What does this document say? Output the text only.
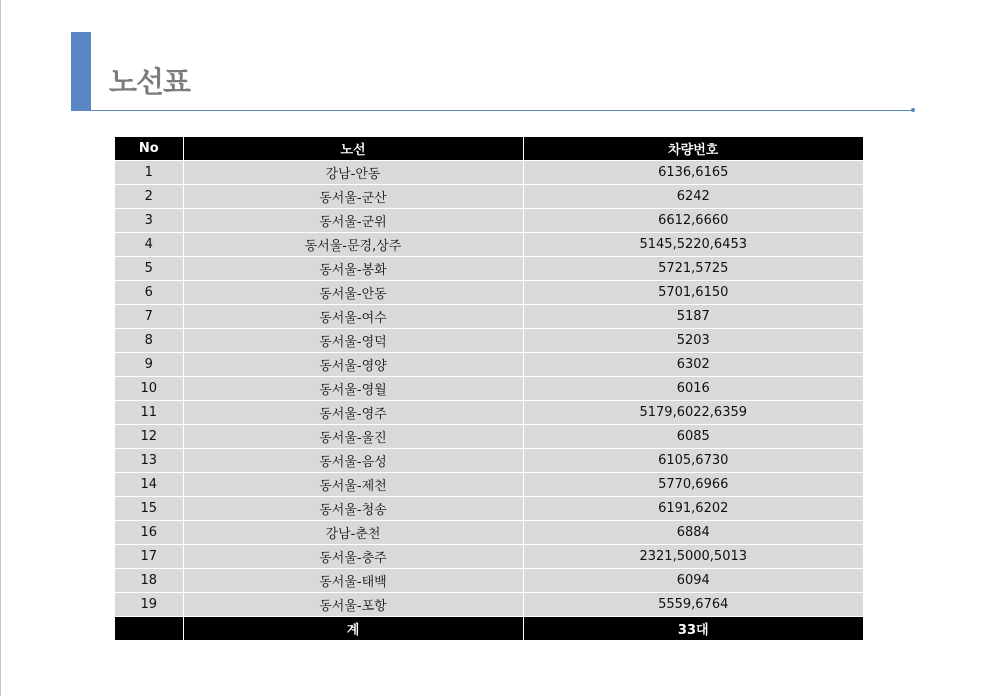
노선표
No	노선	차량번호
1	강남-안동	6136,6165
2	동서울-군산	6242
3	동서울-군위	6612,6660
4	동서울-문경,상주	5145,5220,6453
5	동서울-봉화	5721,5725
6	동서울-안동	5701,6150
7	동서울-여수	5187
8	동서울-영덕	5203
9	동서울-영양	6302
10	동서울-영월	6016
11	동서울-영주	5179,6022,6359
12	동서울-울진	6085
13	동서울-음성	6105,6730
14	동서울-제천	5770,6966
15	동서울-청송	6191,6202
16	강남-춘천	6884
17	동서울-충주	2321,5000,5013
18	동서울-태백	6094
19	동서울-포항	5559,6764
	계	33대
